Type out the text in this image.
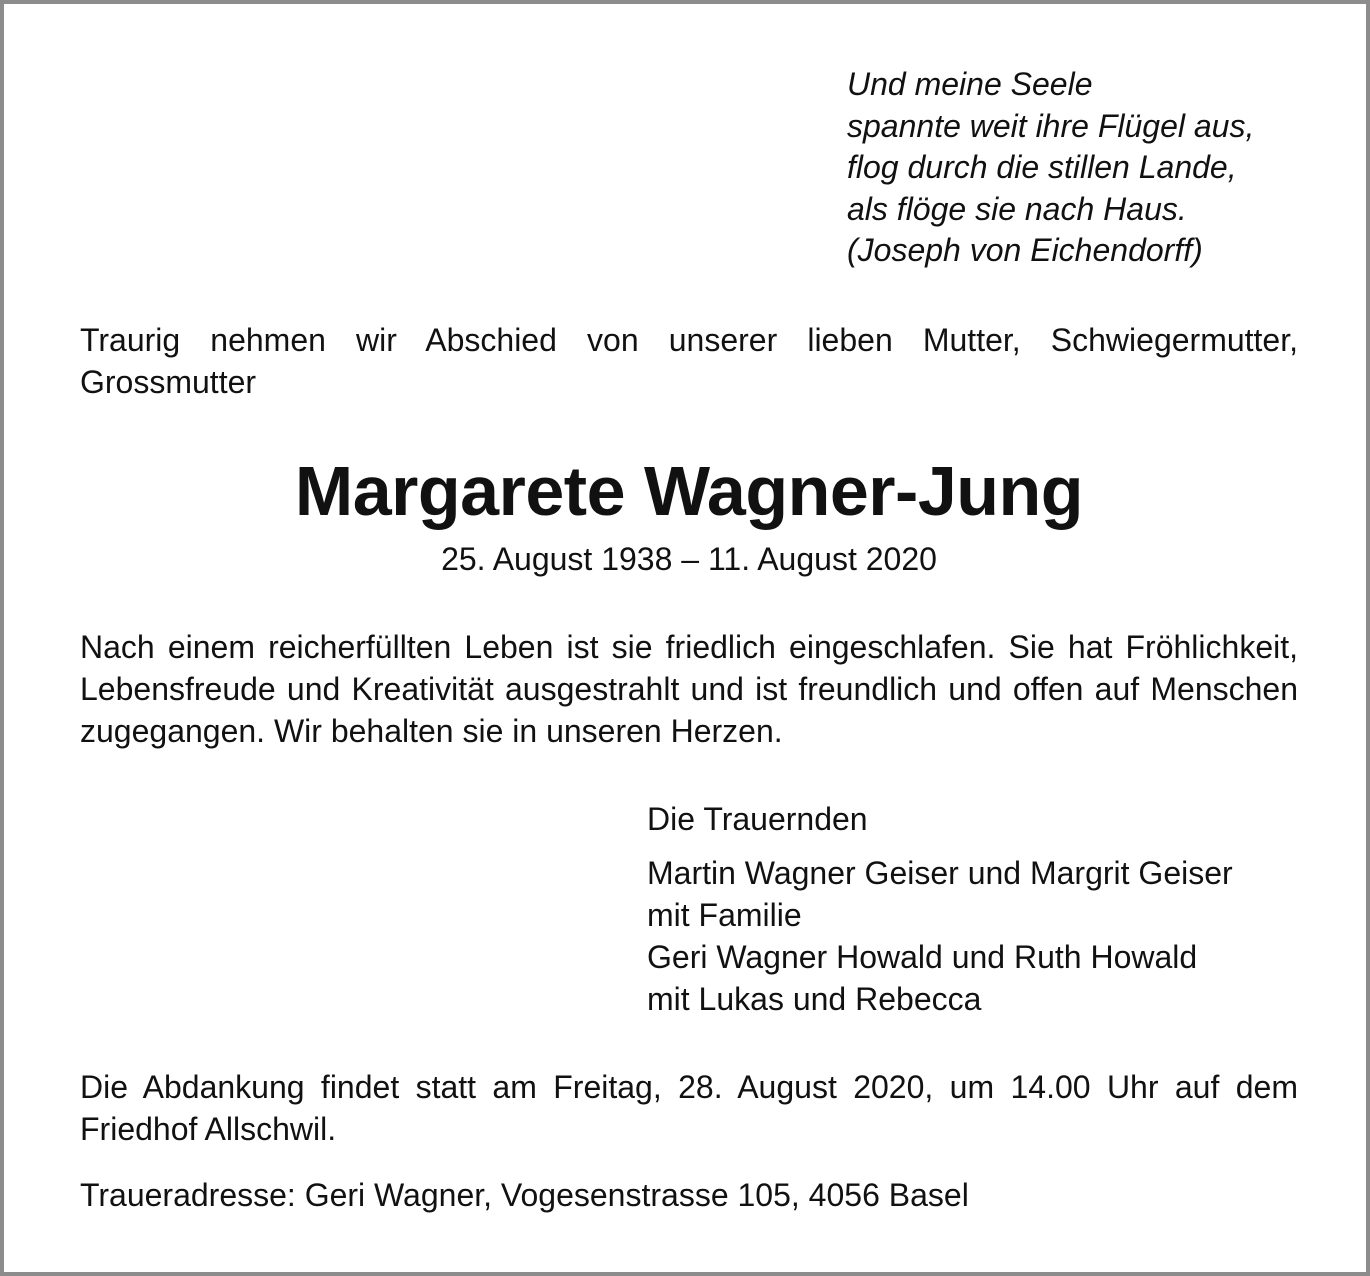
Und meine Seele
spannte weit ihre Flügel aus,
flog durch die stillen Lande,
als flöge sie nach Haus.
(Joseph von Eichendorff)
Traurig nehmen wir Abschied von unserer lieben Mutter, Schwiegermutter, Grossmutter
Margarete Wagner-Jung
25. August 1938 – 11. August 2020
Nach einem reicherfüllten Leben ist sie friedlich eingeschlafen. Sie hat Fröhlichkeit, Lebensfreude und Kreativität ausgestrahlt und ist freundlich und offen auf Menschen zugegangen. Wir behalten sie in unseren Herzen.
Die Trauernden
Martin Wagner Geiser und Margrit Geiser
mit Familie
Geri Wagner Howald und Ruth Howald
mit Lukas und Rebecca
Die Abdankung findet statt am Freitag, 28. August 2020, um 14.00 Uhr auf dem Friedhof Allschwil.
Traueradresse: Geri Wagner, Vogesenstrasse 105, 4056 Basel
